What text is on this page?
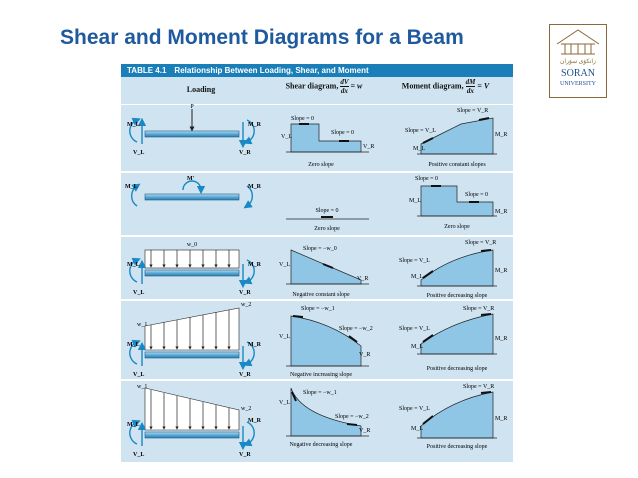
Shear and Moment Diagrams for a Beam
زانكۆی سۆران
SORAN
UNIVERSITY
TABLE 4.1 Relationship Between Loading, Shear, and Moment
Loading	Shear diagram, $\frac{dV}{dx} = w$	Moment diagram, $\frac{dM}{dx} = V$
P
M_L	M_R
V_L	V_R
Slope = 0
Slope = 0
V_L
V_R
Zero slope
Slope = V_R
Slope = V_L
M_R
M_L
Positive constant slopes
M_L
M'
M_R
Slope = 0
Zero slope
Slope = 0
Slope = 0
M_L
M_R
Zero slope
w_0
M_L	M_R
V_L	V_R
Slope = −w_0
V_L
V_R
Negative constant slope
Slope = V_R
Slope = V_L
M_R
M_L
Positive decreasing slope
w_2
w_1
M_L	M_R
V_L	V_R
Slope = −w_1
Slope = −w_2
V_L
V_R
Negative increasing slope
Slope = V_R
Slope = V_L
M_R
M_L
Positive decreasing slope
w_1
w_2
M_L
M_R
V_L	V_R
Slope = −w_1
Slope = −w_2
V_L
V_R
Negative decreasing slope
Slope = V_R
Slope = V_L
M_R
M_L
Positive decreasing slope
